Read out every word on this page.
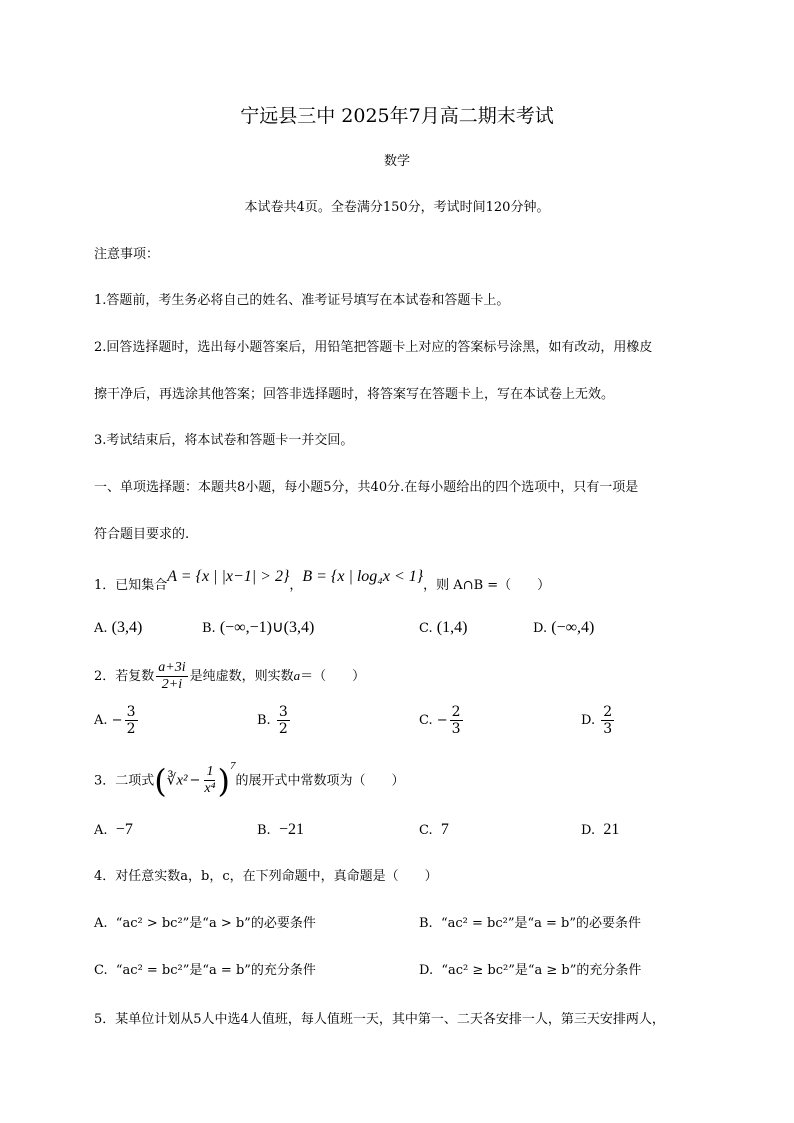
宁远县三中 2025年7月高二期末考试
数学
本试卷共4页。全卷满分150分，考试时间120分钟。
注意事项：
1.答题前，考生务必将自己的姓名、准考证号填写在本试卷和答题卡上。
2.回答选择题时，选出每小题答案后，用铅笔把答题卡上对应的答案标号涂黑，如有改动，用橡皮
擦干净后，再选涂其他答案；回答非选择题时，将答案写在答题卡上，写在本试卷上无效。
3.考试结束后，将本试卷和答题卡一并交回。
一、单项选择题：本题共8小题，每小题5分，共40分.在每小题给出的四个选项中，只有一项是
符合题目要求的.
1．已知集合A = {x | |x−1| > 2}，B = {x | log₄x < 1}，则 A∩B =（　　）
A. (3,4)	B. (−∞,−1)∪(3,4)	C. (1,4)	D. (−∞,4)
2．若复数 $\frac{a+3i}{2+i}$ 是纯虚数，则实数a＝（　　）
A. − $\frac{3}{2}$	B. $\frac{3}{2}$	C. − $\frac{2}{3}$	D. $\frac{2}{3}$
3．二项式(∛x² − $\frac{1}{\text{x⁴}} )^7$的展开式中常数项为（　　）
A. −7	B. −21	C. 7	D. 21
4．对任意实数a，b，c，在下列命题中，真命题是（　　）
A. “ac² > bc²”是“a > b”的必要条件	B. “ac² = bc²”是“a = b”的必要条件
C. “ac² = bc²”是“a = b”的充分条件	D. “ac² ≥ bc²”是“a ≥ b”的充分条件
5．某单位计划从5人中选4人值班，每人值班一天，其中第一、二天各安排一人，第三天安排两人，
